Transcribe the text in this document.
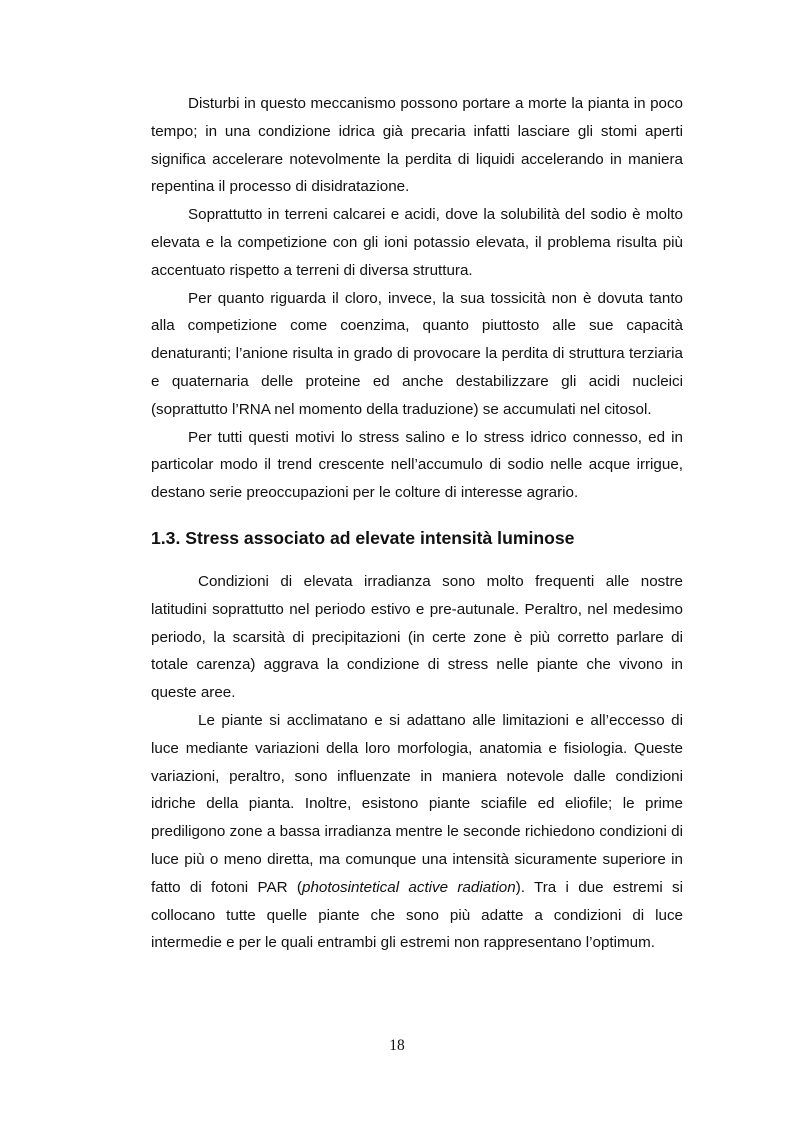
Disturbi in questo meccanismo possono portare a morte la pianta in poco tempo; in una condizione idrica già precaria infatti lasciare gli stomi aperti significa accelerare notevolmente la perdita di liquidi accelerando in maniera repentina il processo di disidratazione.

Soprattutto in terreni calcarei e acidi, dove la solubilità del sodio è molto elevata e la competizione con gli ioni potassio elevata, il problema risulta più accentuato rispetto a terreni di diversa struttura.

Per quanto riguarda il cloro, invece, la sua tossicità non è dovuta tanto alla competizione come coenzima, quanto piuttosto alle sue capacità denaturanti; l’anione risulta in grado di provocare la perdita di struttura terziaria e quaternaria delle proteine ed anche destabilizzare gli acidi nucleici (soprattutto l’RNA nel momento della traduzione) se accumulati nel citosol.

Per tutti questi motivi lo stress salino e lo stress idrico connesso, ed in particolar modo il trend crescente nell’accumulo di sodio nelle acque irrigue, destano serie preoccupazioni per le colture di interesse agrario.

1.3. Stress associato ad elevate intensità luminose

Condizioni di elevata irradianza sono molto frequenti alle nostre latitudini soprattutto nel periodo estivo e pre-autunale. Peraltro, nel medesimo periodo, la scarsità di precipitazioni (in certe zone è più corretto parlare di totale carenza) aggrava la condizione di stress nelle piante che vivono in queste aree.

Le piante si acclimatano e si adattano alle limitazioni e all’eccesso di luce mediante variazioni della loro morfologia, anatomia e fisiologia. Queste variazioni, peraltro, sono influenzate in maniera notevole dalle condizioni idriche della pianta. Inoltre, esistono piante sciafile ed eliofile; le prime prediligono zone a bassa irradianza mentre le seconde richiedono condizioni di luce più o meno diretta, ma comunque una intensità sicuramente superiore in fatto di fotoni PAR (photosintetical active radiation). Tra i due estremi si collocano tutte quelle piante che sono più adatte a condizioni di luce intermedie e per le quali entrambi gli estremi non rappresentano l’optimum.

18
